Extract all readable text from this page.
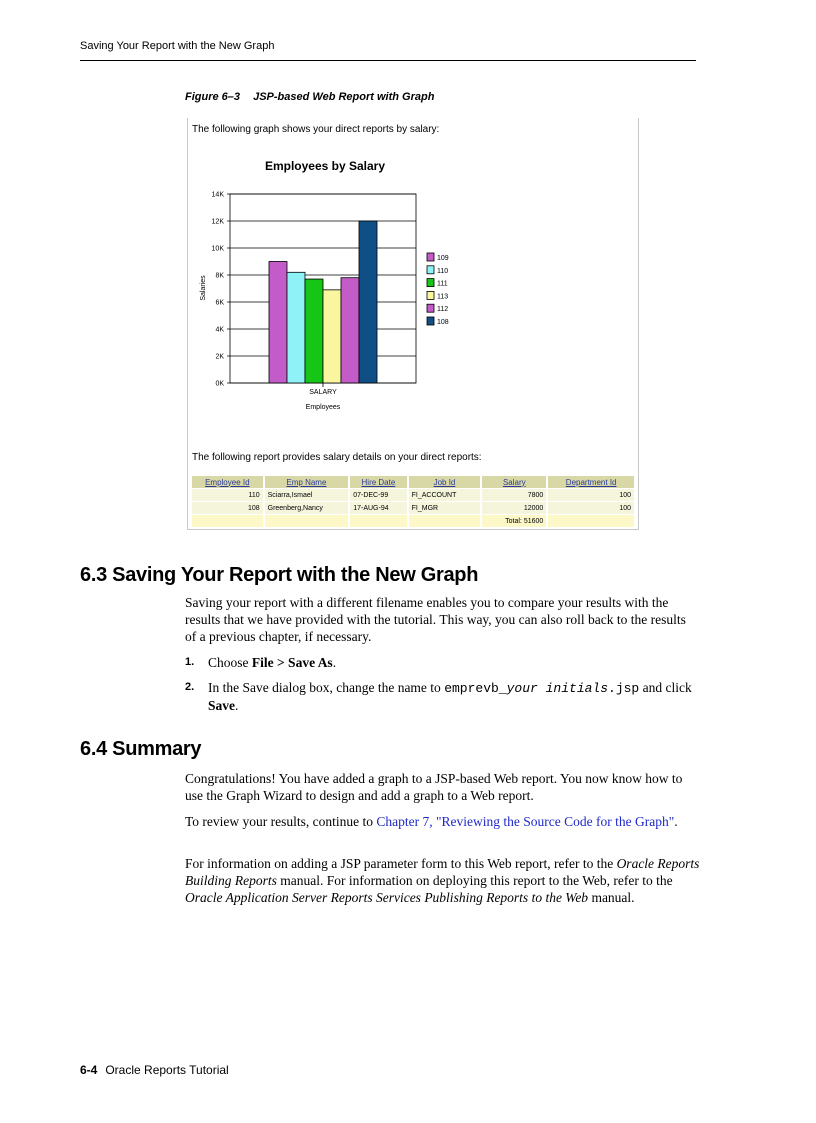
Saving Your Report with the New Graph
Figure 6–3 JSP-based Web Report with Graph
The following graph shows your direct reports by salary:
Employees by Salary
0K
2K
4K
6K
8K
10K
12K
14K
109
110
111
113
112
108
SALARY
Employees
Salaries
The following report provides salary details on your direct reports:
Employee Id	Emp Name	Hire Date	Job Id	Salary	Department Id
110	Sciarra,Ismael	07-DEC-99	FI_ACCOUNT	7800	100
108	Greenberg,Nancy	17-AUG-94	FI_MGR	12000	100
				Total: 51600	
6.3 Saving Your Report with the New Graph
Saving your report with a different filename enables you to compare your results with the results that we have provided with the tutorial. This way, you can also roll back to the results of a previous chapter, if necessary.
1. Choose File > Save As.
2. In the Save dialog box, change the name to emprevb_your initials.jsp and click Save.
6.4 Summary
Congratulations! You have added a graph to a JSP-based Web report. You now know how to use the Graph Wizard to design and add a graph to a Web report.
To review your results, continue to Chapter 7, "Reviewing the Source Code for the Graph".
For information on adding a JSP parameter form to this Web report, refer to the Oracle Reports Building Reports manual. For information on deploying this report to the Web, refer to the Oracle Application Server Reports Services Publishing Reports to the Web manual.
6-4 Oracle Reports Tutorial
